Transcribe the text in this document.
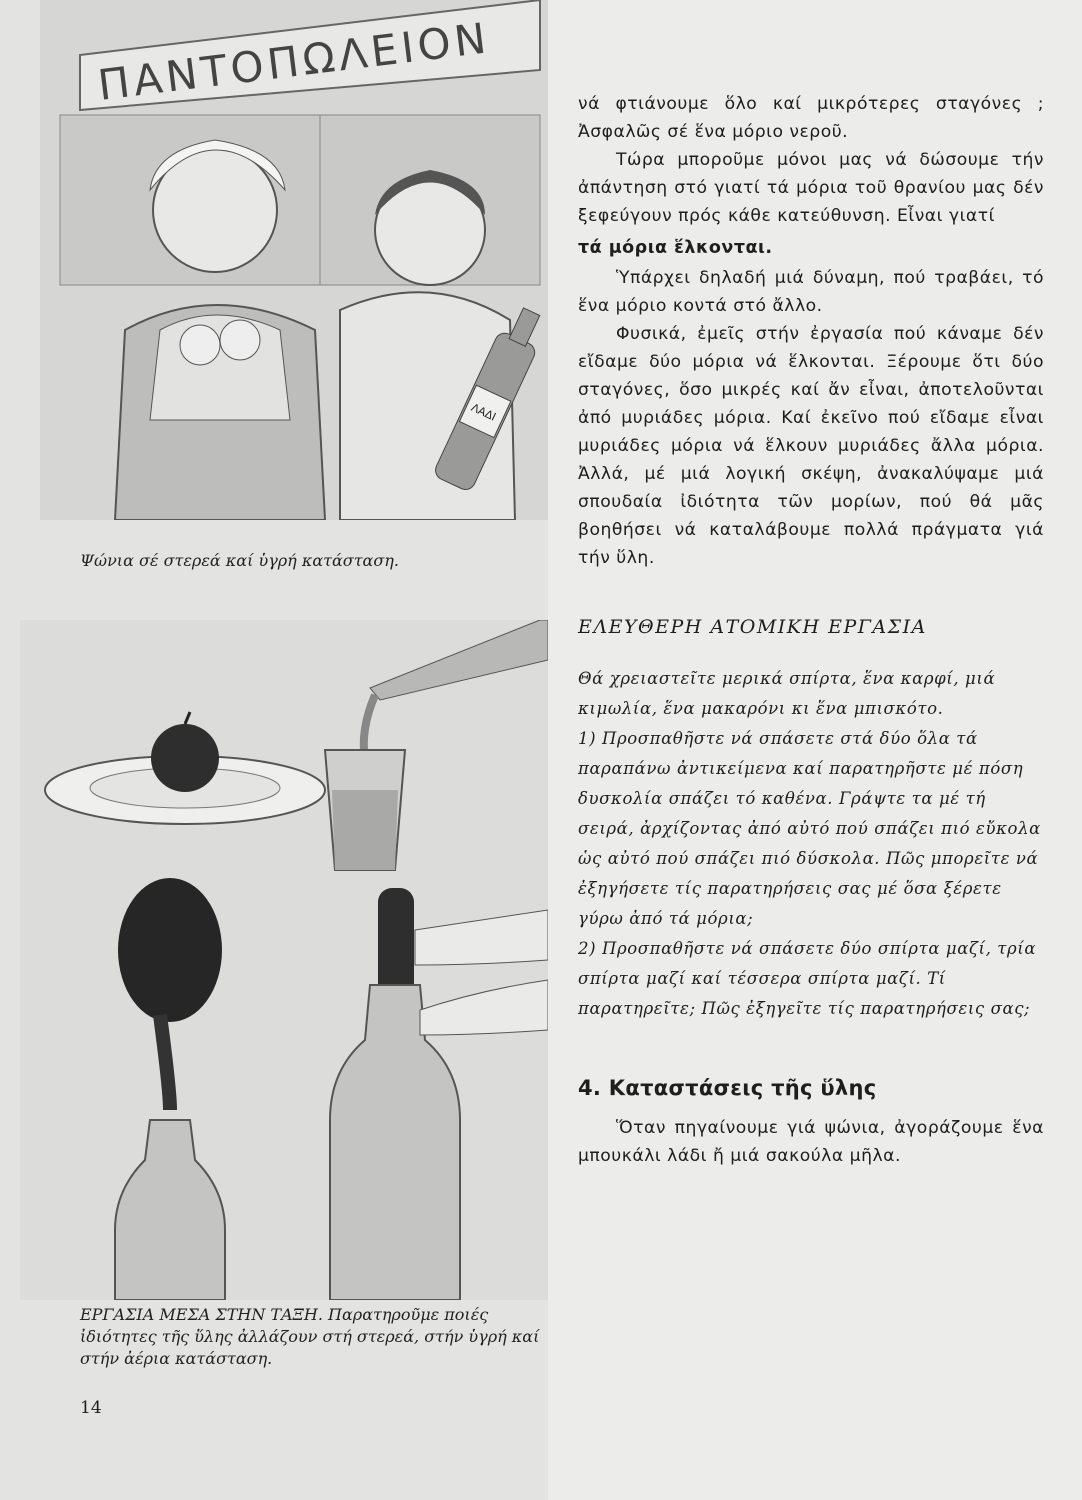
ΠΑΝΤΟΠΩΛΕΙΟΝ
ΛΑΔΙ
Ψώνια σέ στερεά καί ὑγρή κατάσταση.
ΕΡΓΑΣΙΑ ΜΕΣΑ ΣΤΗΝ ΤΑΞΗ. Παρατηροῦμε ποιές ἰδιότητες τῆς ὕλης ἀλλάζουν στή στερεά, στήν ὑγρή καί στήν ἀέρια κατάσταση.
14

νά φτιάνουμε ὅλο καί μικρότερες σταγόνες ; Ἀσφαλῶς σέ ἕνα μόριο νεροῦ.

Τώρα μποροῦμε μόνοι μας νά δώσουμε τήν ἀπάντηση στό γιατί τά μόρια τοῦ θρανίου μας δέν ξεφεύγουν πρός κάθε κατεύθυνση. Εἶναι γιατί

τά μόρια ἕλκονται.

Ὑπάρχει δηλαδή μιά δύναμη, πού τραβάει, τό ἕνα μόριο κοντά στό ἄλλο.

Φυσικά, ἐμεῖς στήν ἐργασία πού κάναμε δέν εἴδαμε δύο μόρια νά ἕλκονται. Ξέρουμε ὅτι δύο σταγόνες, ὅσο μικρές καί ἄν εἶναι, ἀποτελοῦνται ἀπό μυριάδες μόρια. Καί ἐκεῖνο πού εἴδαμε εἶναι μυριάδες μόρια νά ἕλκουν μυριάδες ἄλλα μόρια. Ἀλλά, μέ μιά λογική σκέψη, ἀνακαλύψαμε μιά σπουδαία ἰδιότητα τῶν μορίων, πού θά μᾶς βοηθήσει νά καταλάβουμε πολλά πράγματα γιά τήν ὕλη.

ΕΛΕΥΘΕΡΗ ΑΤΟΜΙΚΗ ΕΡΓΑΣΙΑ

Θά χρειαστεῖτε μερικά σπίρτα, ἕνα καρφί, μιά κιμωλία, ἕνα μακαρόνι κι ἕνα μπισκότο.

1) Προσπαθῆστε νά σπάσετε στά δύο ὅλα τά παραπάνω ἀντικείμενα καί παρατηρῆστε μέ πόση δυσκολία σπάζει τό καθένα. Γράψτε τα μέ τή σειρά, ἀρχίζοντας ἀπό αὐτό πού σπάζει πιό εὔκολα ὡς αὐτό πού σπάζει πιό δύσκολα. Πῶς μπορεῖτε νά ἐξηγήσετε τίς παρατηρήσεις σας μέ ὅσα ξέρετε γύρω ἀπό τά μόρια;

2) Προσπαθῆστε νά σπάσετε δύο σπίρτα μαζί, τρία σπίρτα μαζί καί τέσσερα σπίρτα μαζί. Τί παρατηρεῖτε; Πῶς ἐξηγεῖτε τίς παρατηρήσεις σας;

4. Καταστάσεις τῆς ὕλης

Ὅταν πηγαίνουμε γιά ψώνια, ἀγοράζουμε ἕνα μπουκάλι λάδι ἤ μιά σακούλα μῆλα.
